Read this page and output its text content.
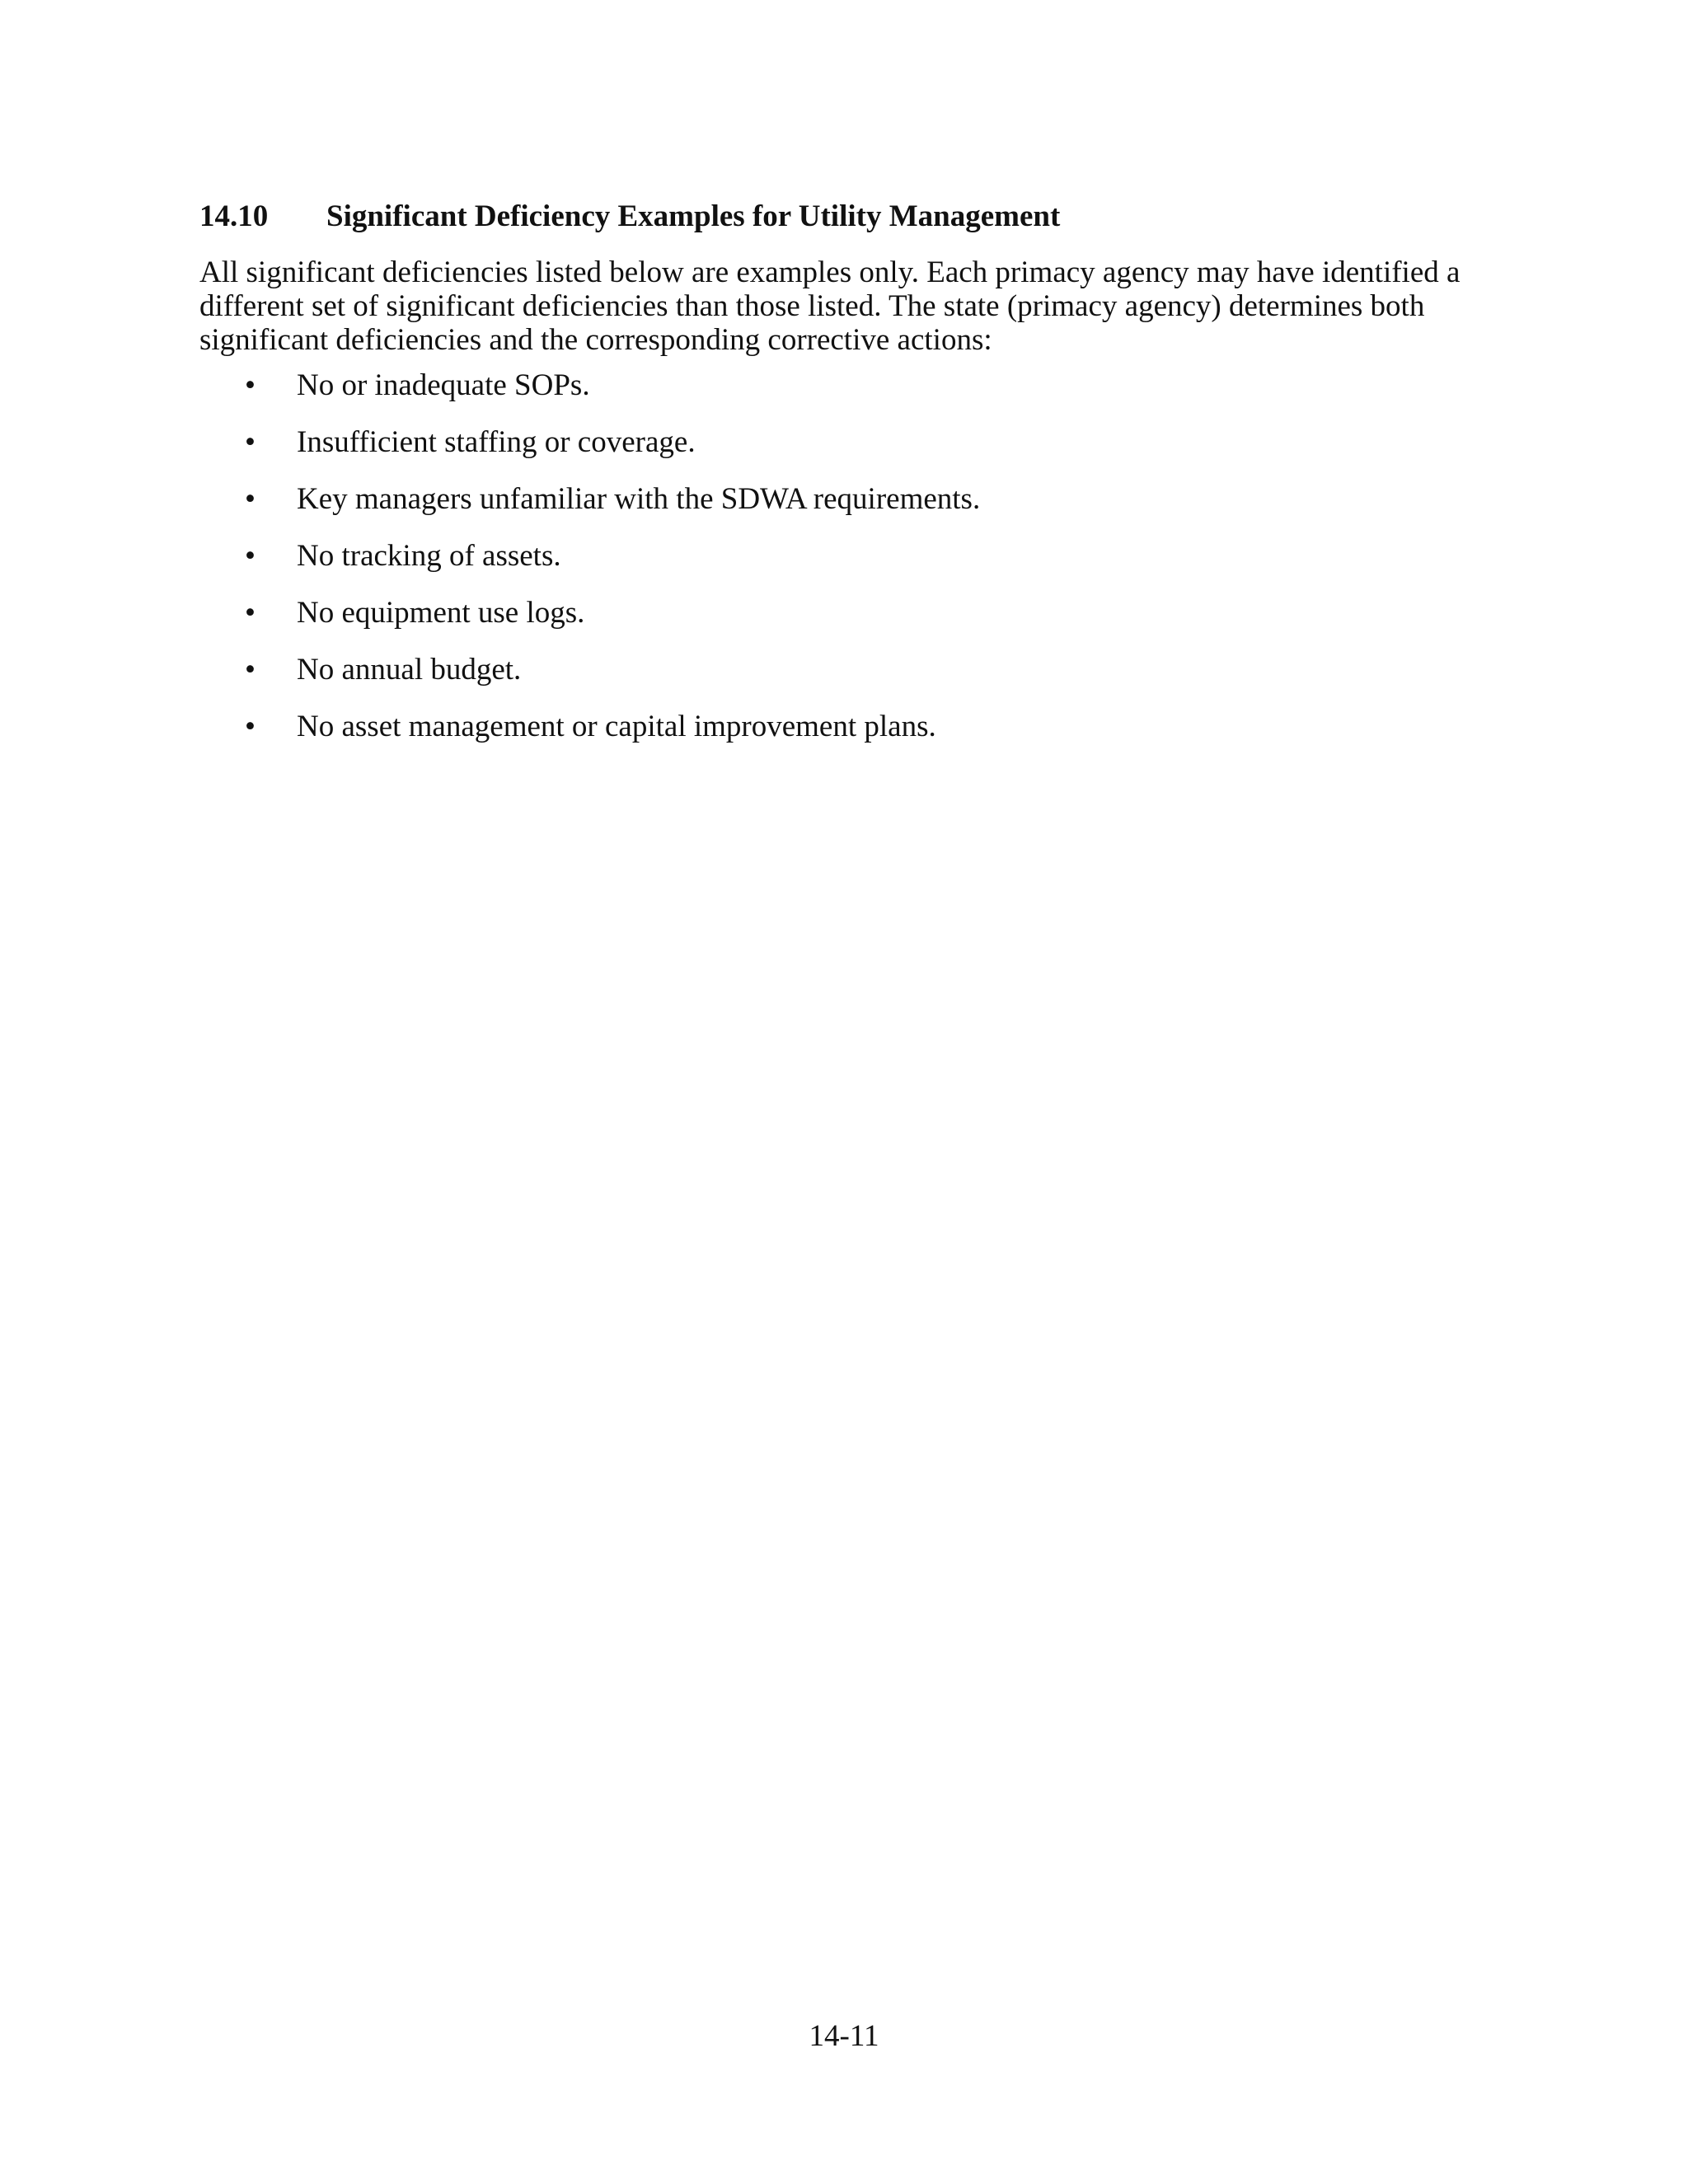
14.10	Significant Deficiency Examples for Utility Management

All significant deficiencies listed below are examples only. Each primacy agency may have identified a different set of significant deficiencies than those listed. The state (primacy agency) determines both significant deficiencies and the corresponding corrective actions:

•	No or inadequate SOPs.
•	Insufficient staffing or coverage.
•	Key managers unfamiliar with the SDWA requirements.
•	No tracking of assets.
•	No equipment use logs.
•	No annual budget.
•	No asset management or capital improvement plans.

14-11
